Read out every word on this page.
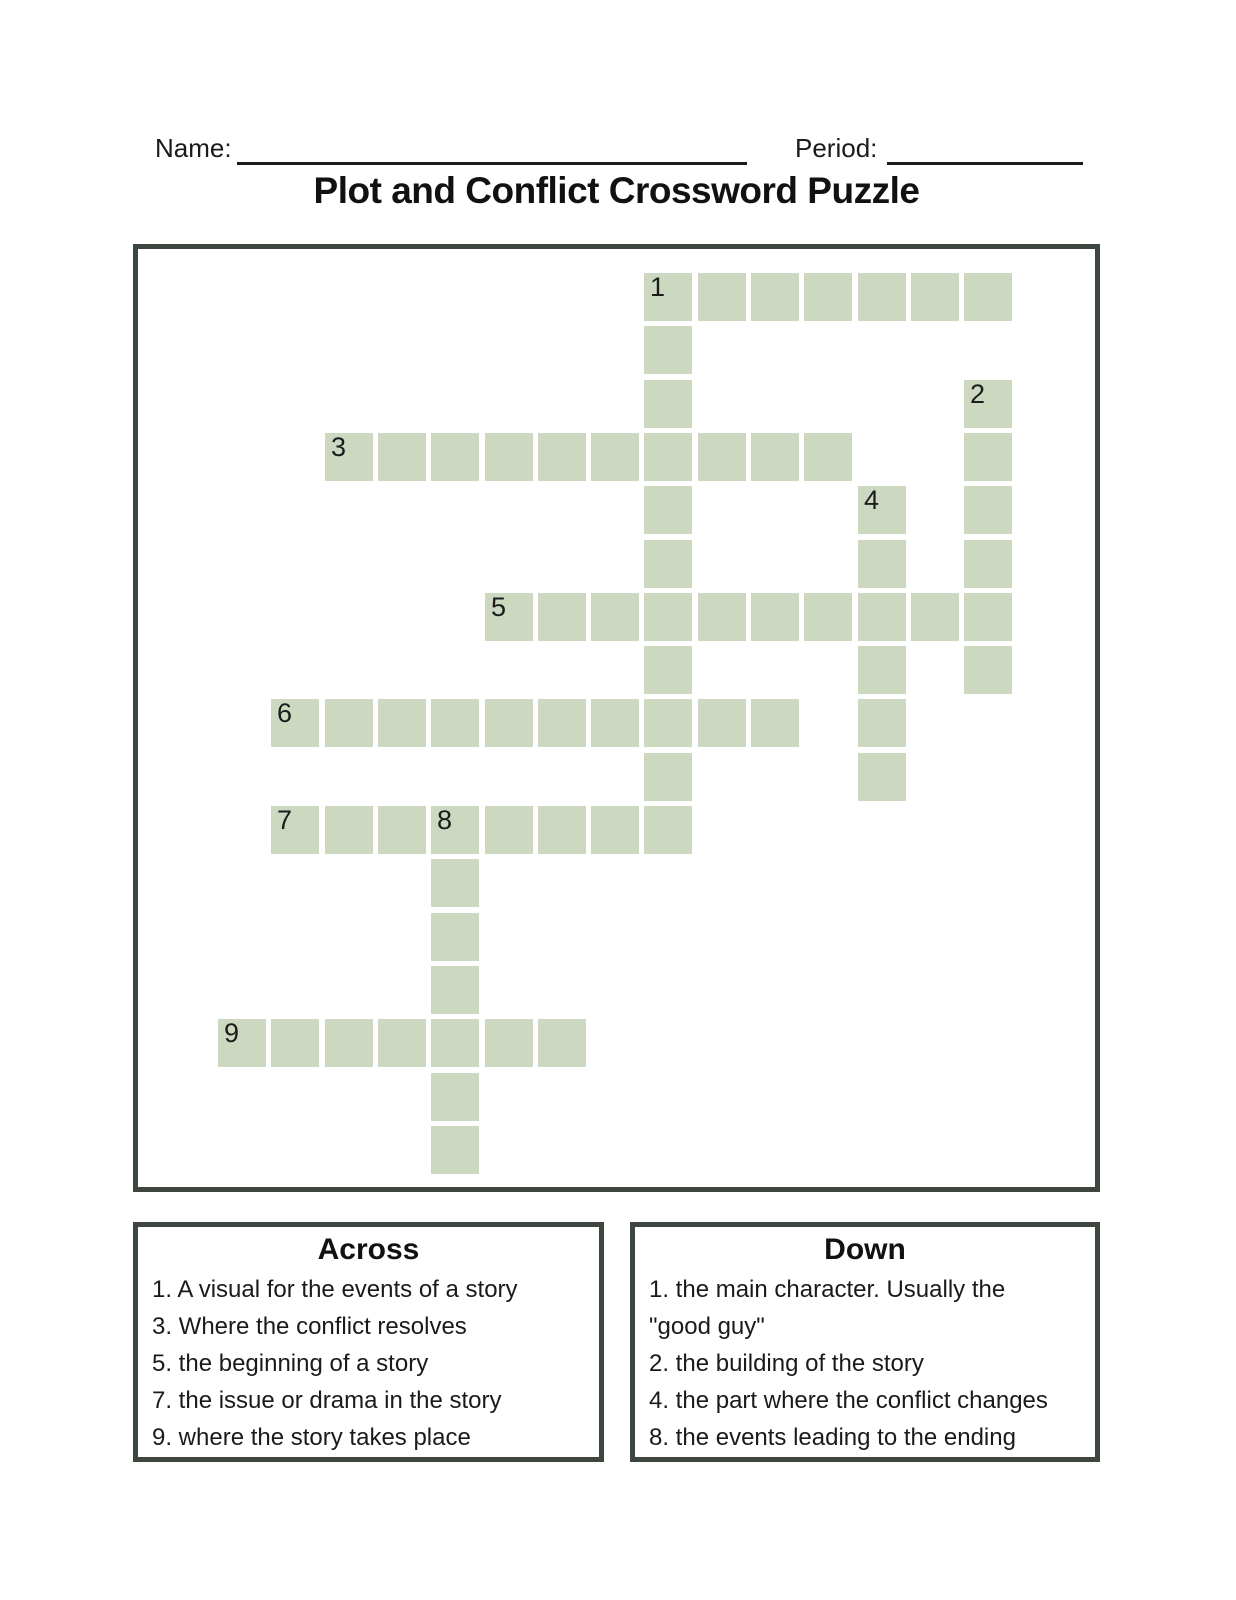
Name:	Period:
Plot and Conflict Crossword Puzzle
1
2
3
4
5
6
7	8
9
Across
1. A visual for the events of a story
3. Where the conflict resolves
5. the beginning of a story
7. the issue or drama in the story
9. where the story takes place
Down
1. the main character. Usually the
"good guy"
2. the building of the story
4. the part where the conflict changes
8. the events leading to the ending
